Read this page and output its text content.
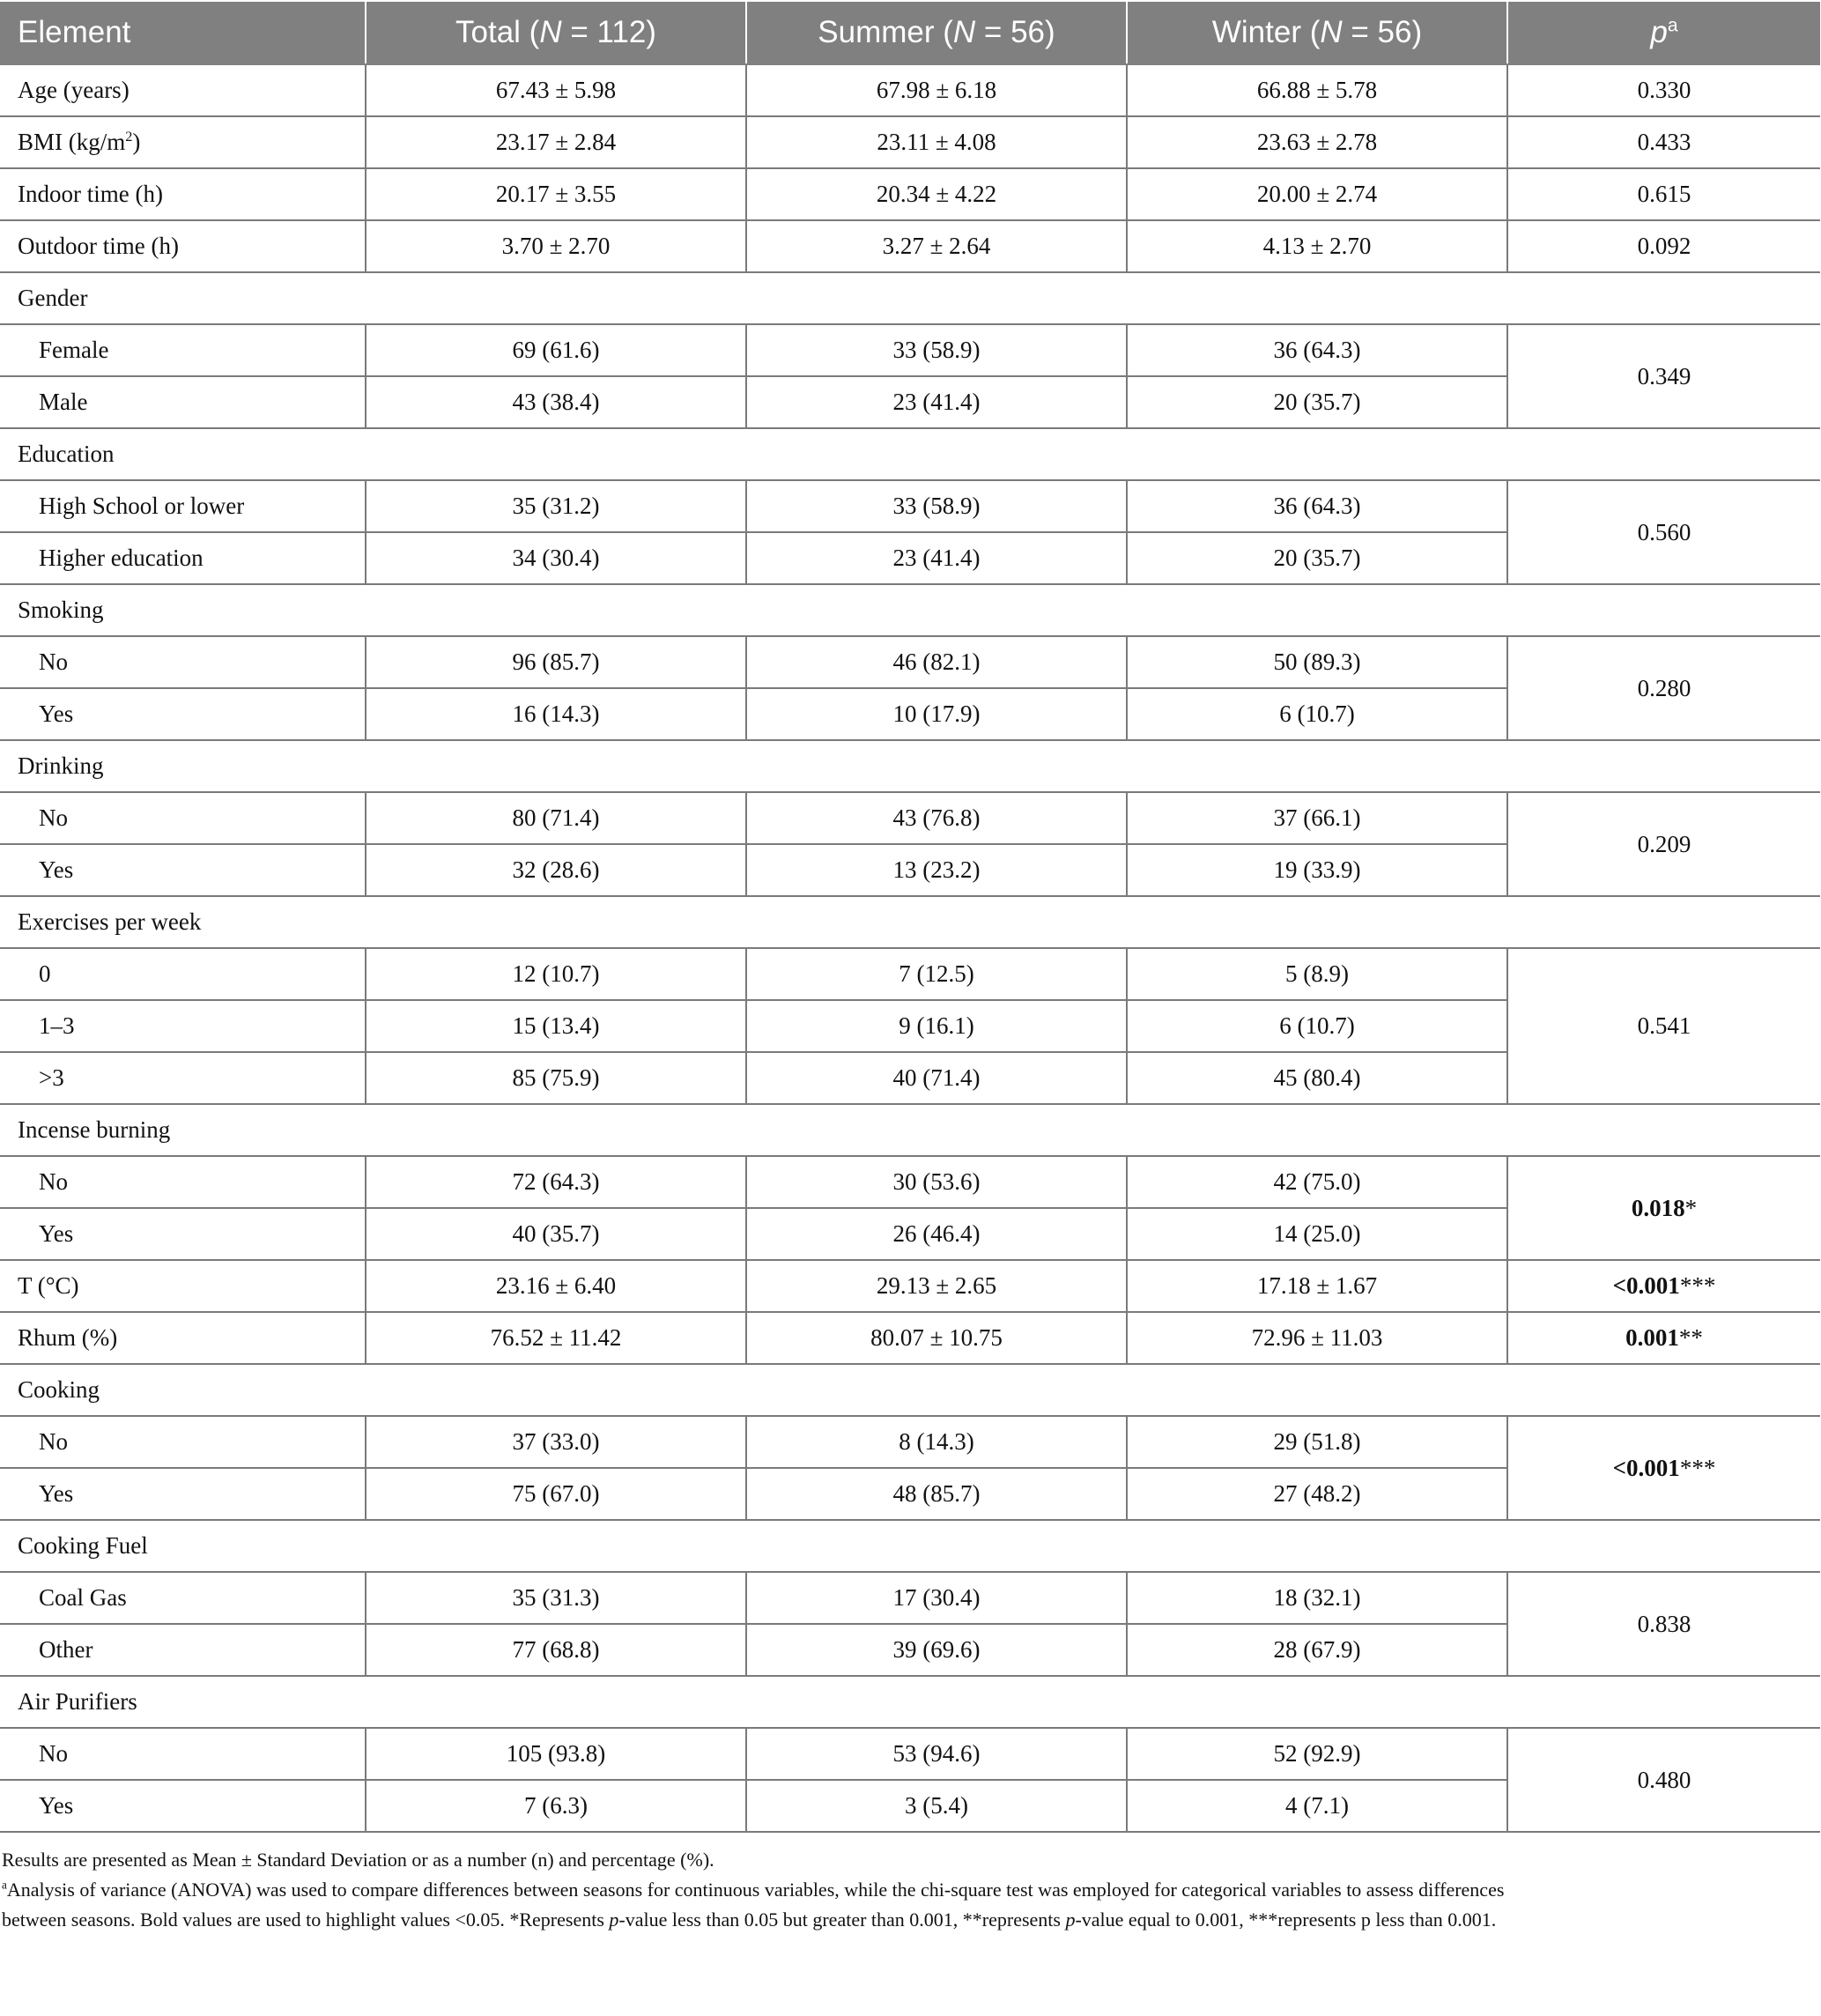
Element	Total (N = 112)	Summer (N = 56)	Winter (N = 56)	$p^a$
Age (years)	67.43 ± 5.98	67.98 ± 6.18	66.88 ± 5.78	0.330
BMI $(kg/m^2)$	23.17 ± 2.84	23.11 ± 4.08	23.63 ± 2.78	0.433
Indoor time (h)	20.17 ± 3.55	20.34 ± 4.22	20.00 ± 2.74	0.615
Outdoor time (h)	3.70 ± 2.70	3.27 ± 2.64	4.13 ± 2.70	0.092
Gender				
Female	69 (61.6)	33 (58.9)	36 (64.3)	0.349
Male	43 (38.4)	23 (41.4)	20 (35.7)	
Education				
High School or lower	35 (31.2)	33 (58.9)	36 (64.3)	0.560
Higher education	34 (30.4)	23 (41.4)	20 (35.7)	
Smoking				
No	96 (85.7)	46 (82.1)	50 (89.3)	0.280
Yes	16 (14.3)	10 (17.9)	6 (10.7)	
Drinking				
No	80 (71.4)	43 (76.8)	37 (66.1)	0.209
Yes	32 (28.6)	13 (23.2)	19 (33.9)	
Exercises per week				
0	12 (10.7)	7 (12.5)	5 (8.9)	0.541
1–3	15 (13.4)	9 (16.1)	6 (10.7)	
>3	85 (75.9)	40 (71.4)	45 (80.4)	
Incense burning				
No	72 (64.3)	30 (53.6)	42 (75.0)	0.018*
Yes	40 (35.7)	26 (46.4)	14 (25.0)	
T (°C)	23.16 ± 6.40	29.13 ± 2.65	17.18 ± 1.67	<0.001***
Rhum (%)	76.52 ± 11.42	80.07 ± 10.75	72.96 ± 11.03	0.001**
Cooking				
No	37 (33.0)	8 (14.3)	29 (51.8)	<0.001***
Yes	75 (67.0)	48 (85.7)	27 (48.2)	
Cooking Fuel				
Coal Gas	35 (31.3)	17 (30.4)	18 (32.1)	0.838
Other	77 (68.8)	39 (69.6)	28 (67.9)	
Air Purifiers				
No	105 (93.8)	53 (94.6)	52 (92.9)	0.480
Yes	7 (6.3)	3 (5.4)	4 (7.1)	
Results are presented as Mean ± Standard Deviation or as a number (n) and percentage (%).
$^a$Analysis of variance (ANOVA) was used to compare differences between seasons for continuous variables, while the chi-square test was employed for categorical variables to assess differences
between seasons. Bold values are used to highlight values <0.05. *Represents p-value less than 0.05 but greater than 0.001, **represents p-value equal to 0.001, ***represents p less than 0.001.
